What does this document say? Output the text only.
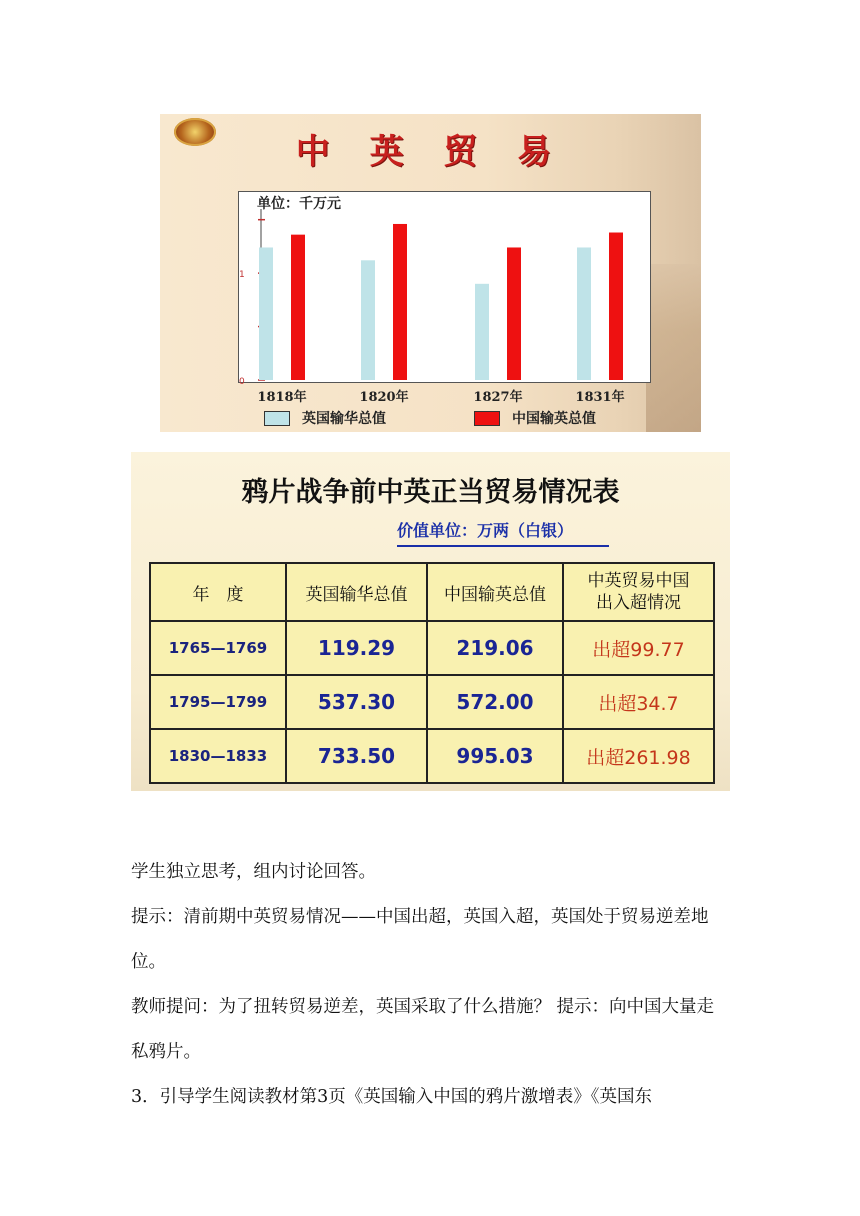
中 英 贸 易
单位：千万元
1
0
1818年	1820年	1827年	1831年
英国输华总值	中国输英总值
鸦片战争前中英正当贸易情况表
价值单位：万两（白银）
年　度	英国输华总值	中国输英总值	中英贸易中国出入超情况

1765—1769	119.29	219.06	出超99.77
1795—1799	537.30	572.00	出超34.7
1830—1833	733.50	995.03	出超261.98
学生独立思考，组内讨论回答。
提示：清前期中英贸易情况——中国出超，英国入超，英国处于贸易逆差地位。
教师提问：为了扭转贸易逆差，英国采取了什么措施？ 提示：向中国大量走私鸦片。
3．引导学生阅读教材第3页《英国输入中国的鸦片激增表》《英国东
